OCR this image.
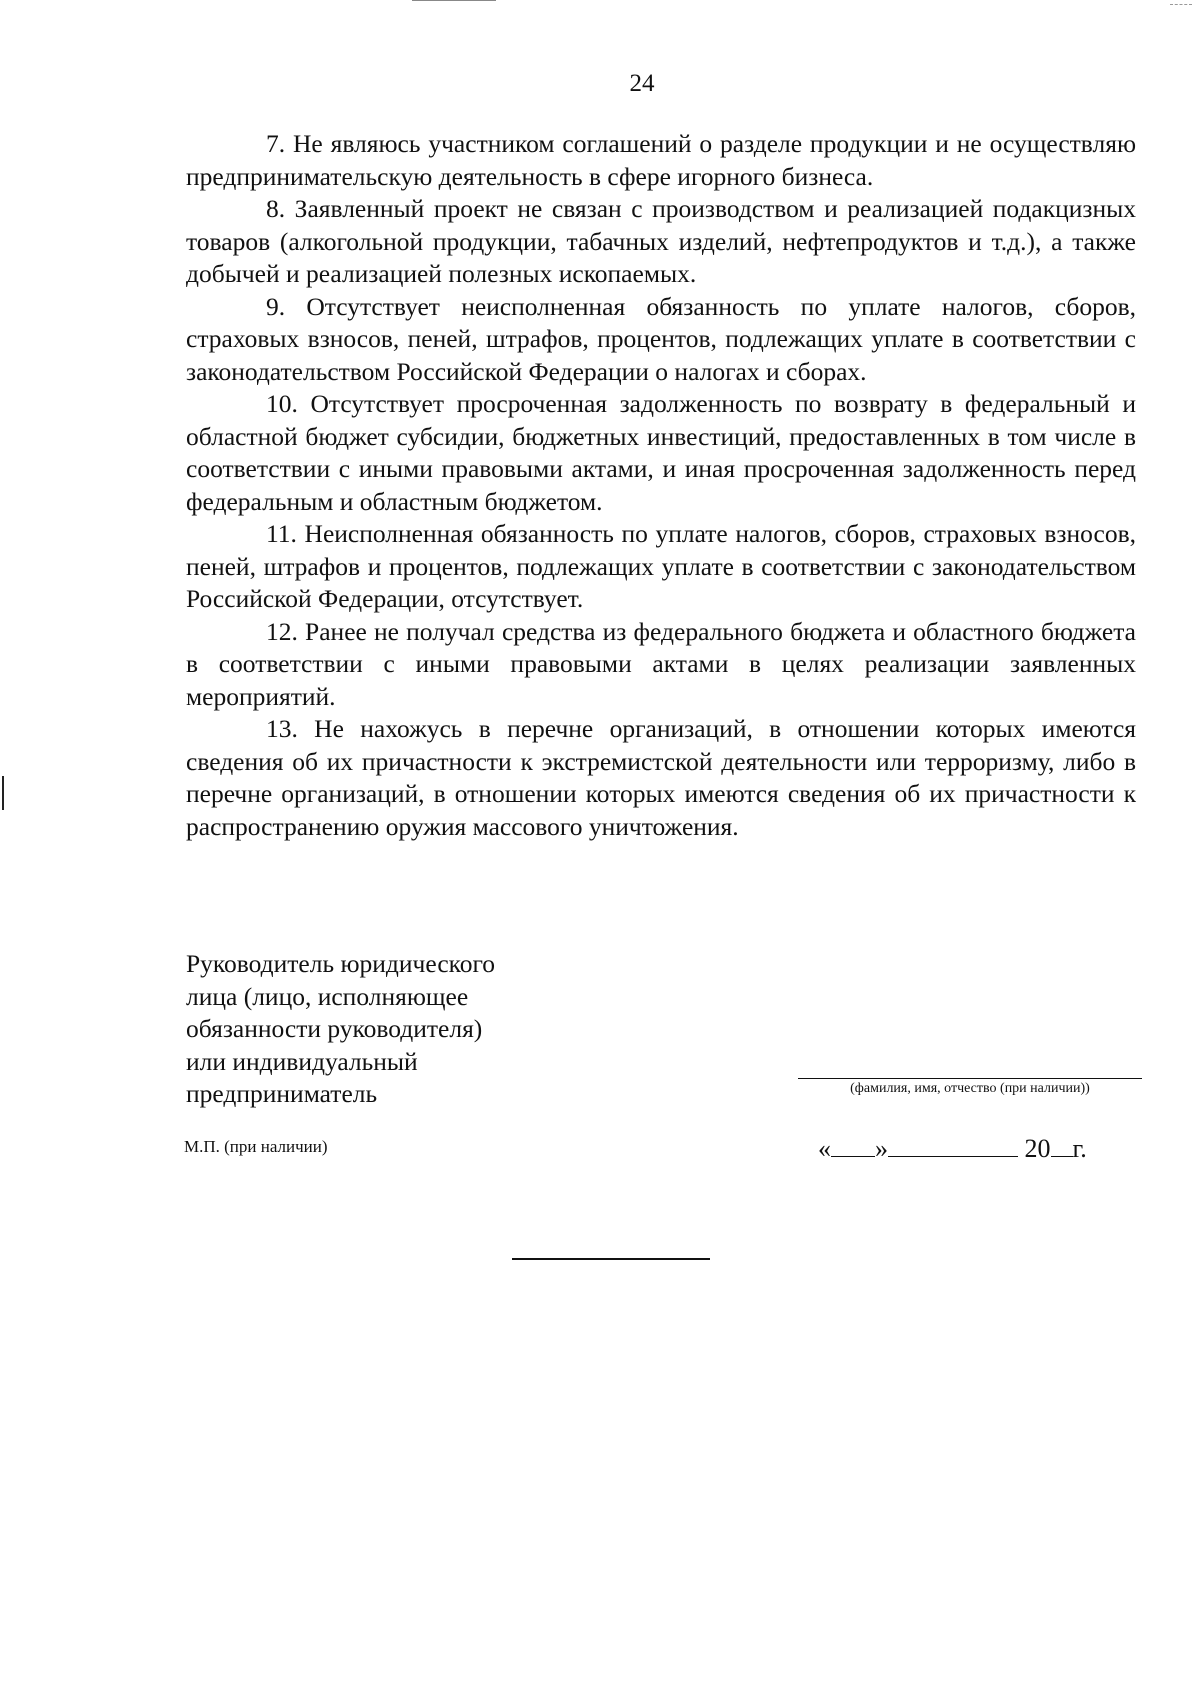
24

7. Не являюсь участником соглашений о разделе продукции и не осуществляю предпринимательскую деятельность в сфере игорного бизнеса.

8. Заявленный проект не связан с производством и реализацией подакцизных товаров (алкогольной продукции, табачных изделий, нефтепродуктов и т.д.), а также добычей и реализацией полезных ископаемых.

9. Отсутствует неисполненная обязанность по уплате налогов, сборов, страховых взносов, пеней, штрафов, процентов, подлежащих уплате в соответствии с законодательством Российской Федерации о налогах и сборах.

10. Отсутствует просроченная задолженность по возврату в федеральный и областной бюджет субсидии, бюджетных инвестиций, предоставленных в том числе в соответствии с иными правовыми актами, и иная просроченная задолженность перед федеральным и областным бюджетом.

11. Неисполненная обязанность по уплате налогов, сборов, страховых взносов, пеней, штрафов и процентов, подлежащих уплате в соответствии с законодательством Российской Федерации, отсутствует.

12. Ранее не получал средства из федерального бюджета и областного бюджета в соответствии с иными правовыми актами в целях реализации заявленных мероприятий.

13. Не нахожусь в перечне организаций, в отношении которых имеются сведения об их причастности к экстремистской деятельности или терроризму, либо в перечне организаций, в отношении которых имеются сведения об их причастности к распространению оружия массового уничтожения.

Руководитель юридического
лица (лицо, исполняющее
обязанности руководителя)
или индивидуальный
предприниматель	(фамилия, имя, отчество (при наличии))
М.П. (при наличии)	« »	20 г.
